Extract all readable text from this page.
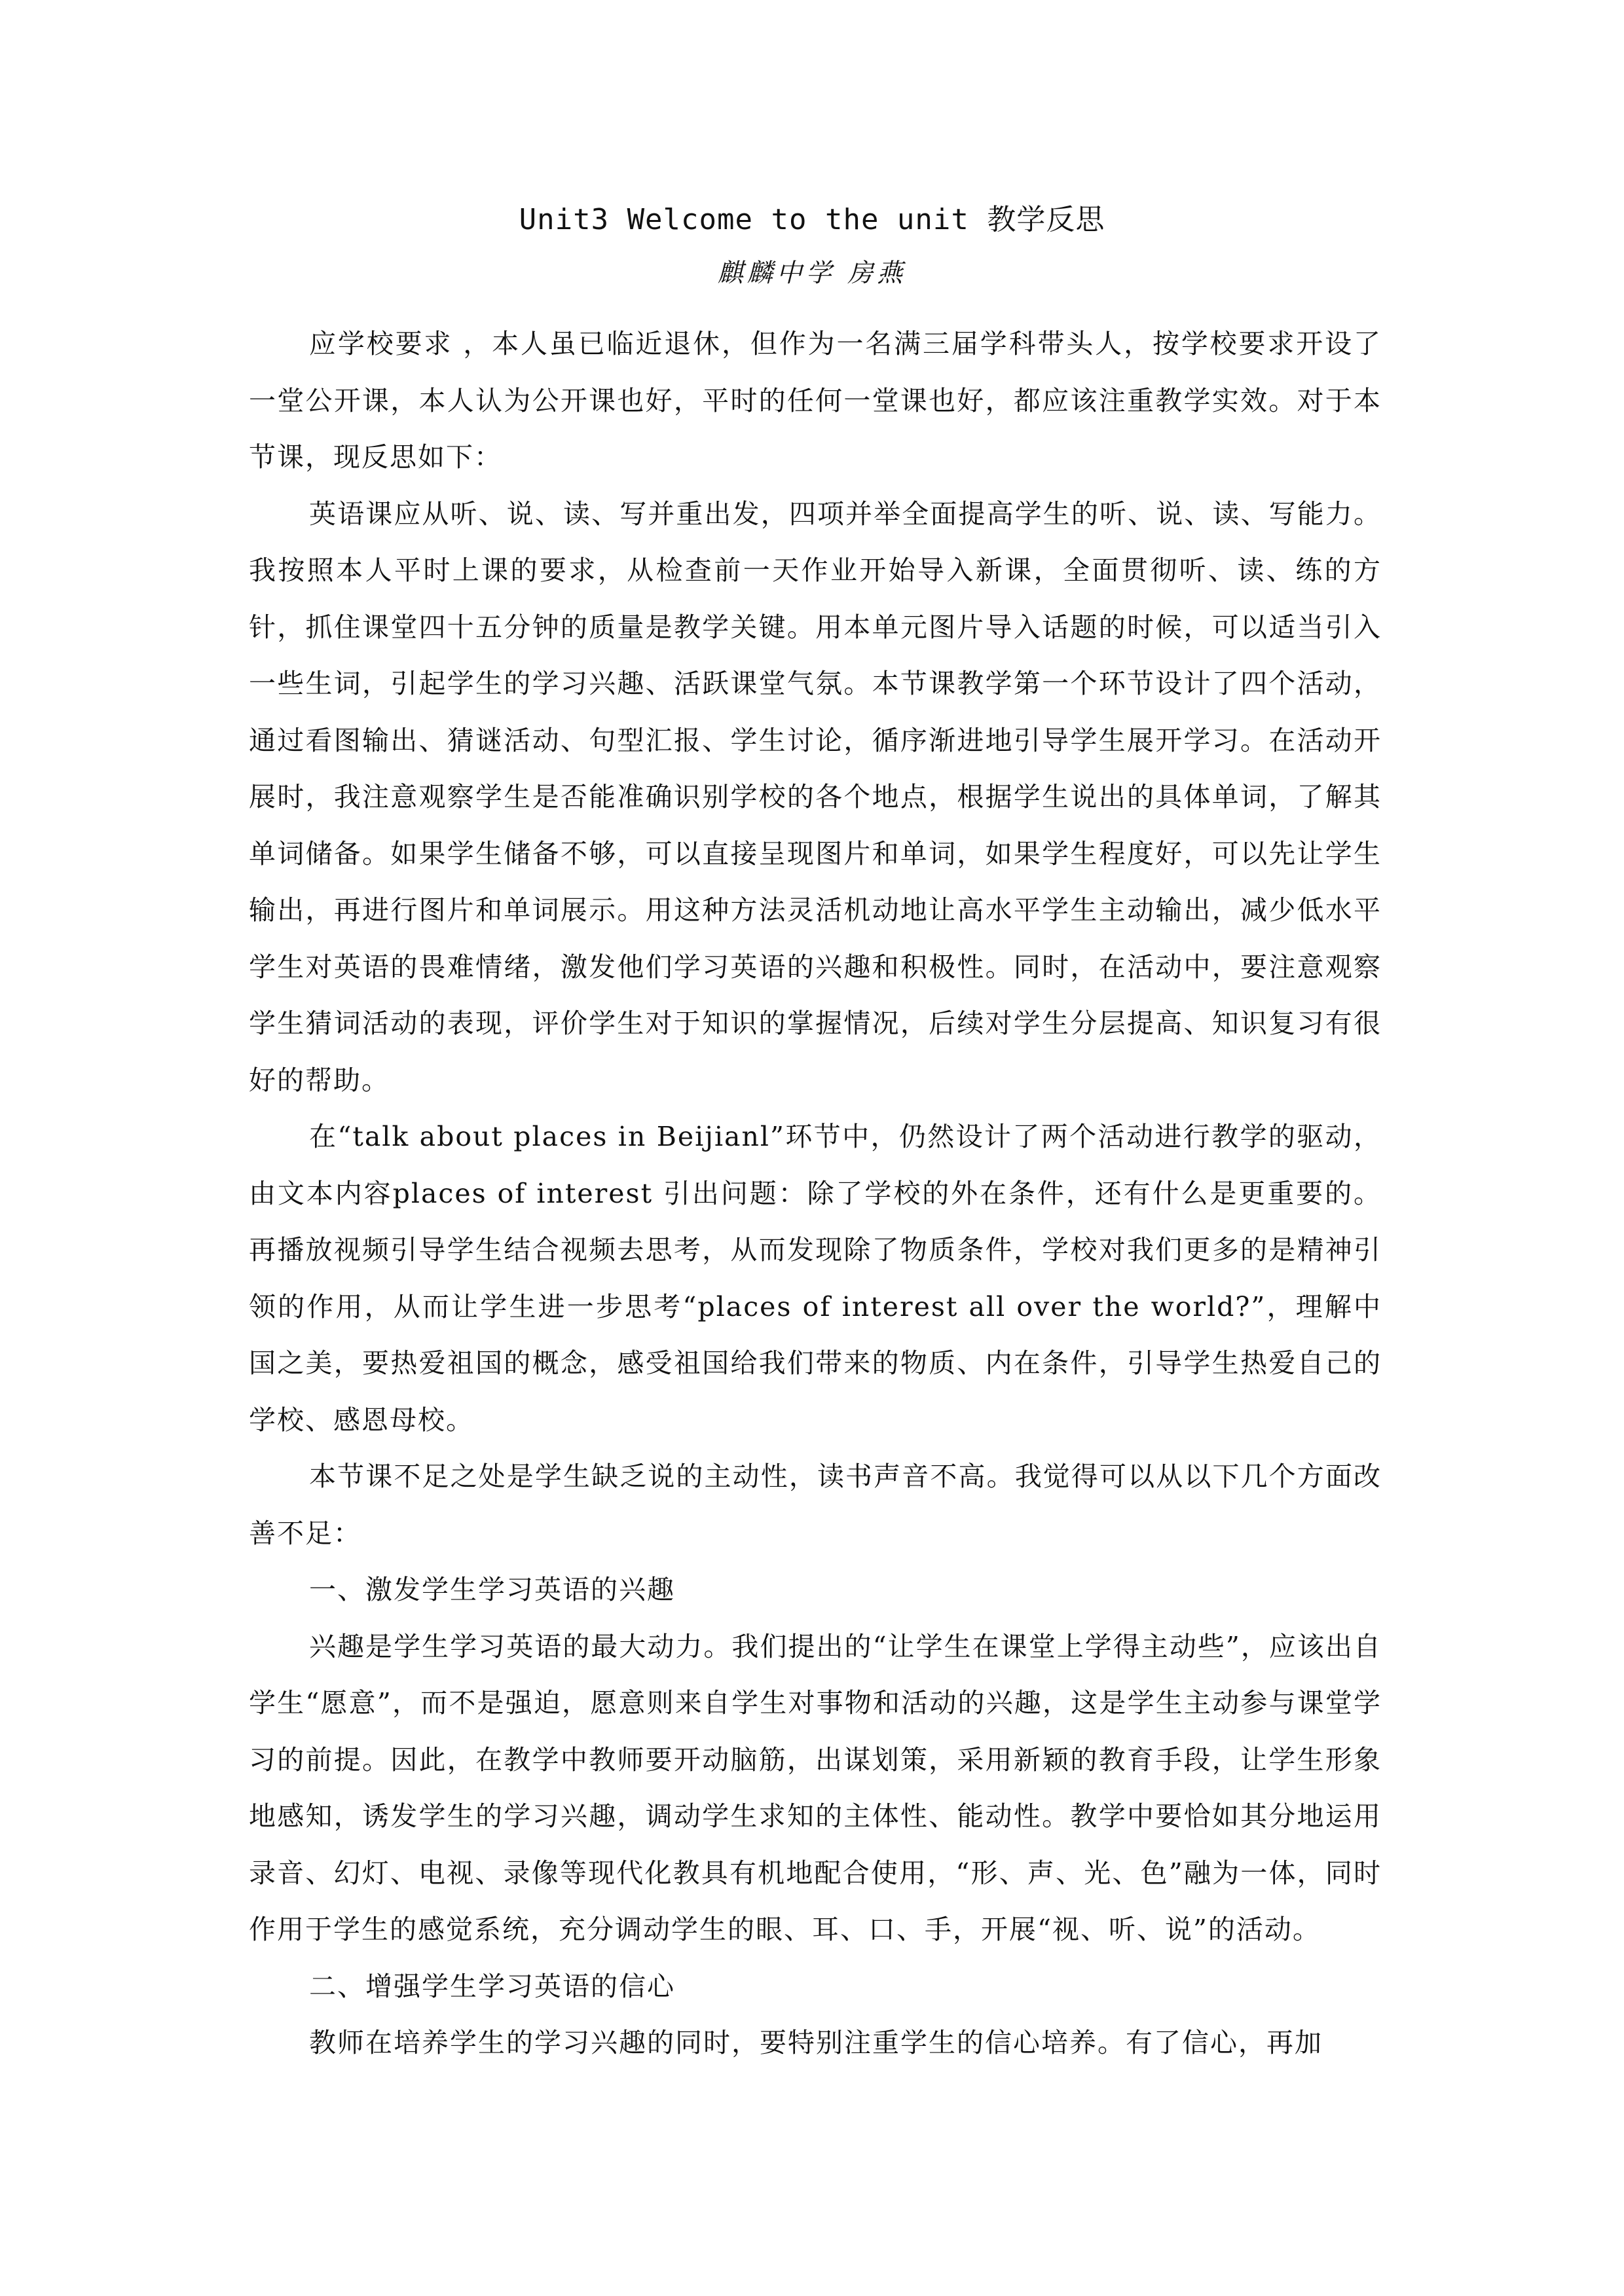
Unit3 Welcome to the unit 教学反思
麒麟中学 房燕

应学校要求 ，本人虽已临近退休，但作为一名满三届学科带头人，按学校要求开设了一堂公开课，本人认为公开课也好，平时的任何一堂课也好，都应该注重教学实效。对于本节课，现反思如下：

英语课应从听、说、读、写并重出发，四项并举全面提高学生的听、说、读、写能力。我按照本人平时上课的要求，从检查前一天作业开始导入新课，全面贯彻听、读、练的方针，抓住课堂四十五分钟的质量是教学关键。用本单元图片导入话题的时候，可以适当引入一些生词，引起学生的学习兴趣、活跃课堂气氛。本节课教学第一个环节设计了四个活动，通过看图输出、猜谜活动、句型汇报、学生讨论，循序渐进地引导学生展开学习。在活动开展时，我注意观察学生是否能准确识别学校的各个地点，根据学生说出的具体单词，了解其单词储备。如果学生储备不够，可以直接呈现图片和单词，如果学生程度好，可以先让学生输出，再进行图片和单词展示。用这种方法灵活机动地让高水平学生主动输出，减少低水平学生对英语的畏难情绪，激发他们学习英语的兴趣和积极性。同时，在活动中，要注意观察学生猜词活动的表现，评价学生对于知识的掌握情况，后续对学生分层提高、知识复习有很好的帮助。

在“talk about places in Beijianl”环节中，仍然设计了两个活动进行教学的驱动，由文本内容places of interest 引出问题：除了学校的外在条件，还有什么是更重要的。再播放视频引导学生结合视频去思考，从而发现除了物质条件，学校对我们更多的是精神引领的作用，从而让学生进一步思考“places of interest all over the world?”，理解中国之美，要热爱祖国的概念，感受祖国给我们带来的物质、内在条件，引导学生热爱自己的学校、感恩母校。

本节课不足之处是学生缺乏说的主动性，读书声音不高。我觉得可以从以下几个方面改善不足：

一、激发学生学习英语的兴趣

兴趣是学生学习英语的最大动力。我们提出的“让学生在课堂上学得主动些”，应该出自学生“愿意”，而不是强迫，愿意则来自学生对事物和活动的兴趣，这是学生主动参与课堂学习的前提。因此，在教学中教师要开动脑筋，出谋划策，采用新颖的教育手段，让学生形象地感知，诱发学生的学习兴趣，调动学生求知的主体性、能动性。教学中要恰如其分地运用录音、幻灯、电视、录像等现代化教具有机地配合使用，“形、声、光、色”融为一体，同时作用于学生的感觉系统，充分调动学生的眼、耳、口、手，开展“视、听、说”的活动。

二、增强学生学习英语的信心

教师在培养学生的学习兴趣的同时，要特别注重学生的信心培养。有了信心，再加
